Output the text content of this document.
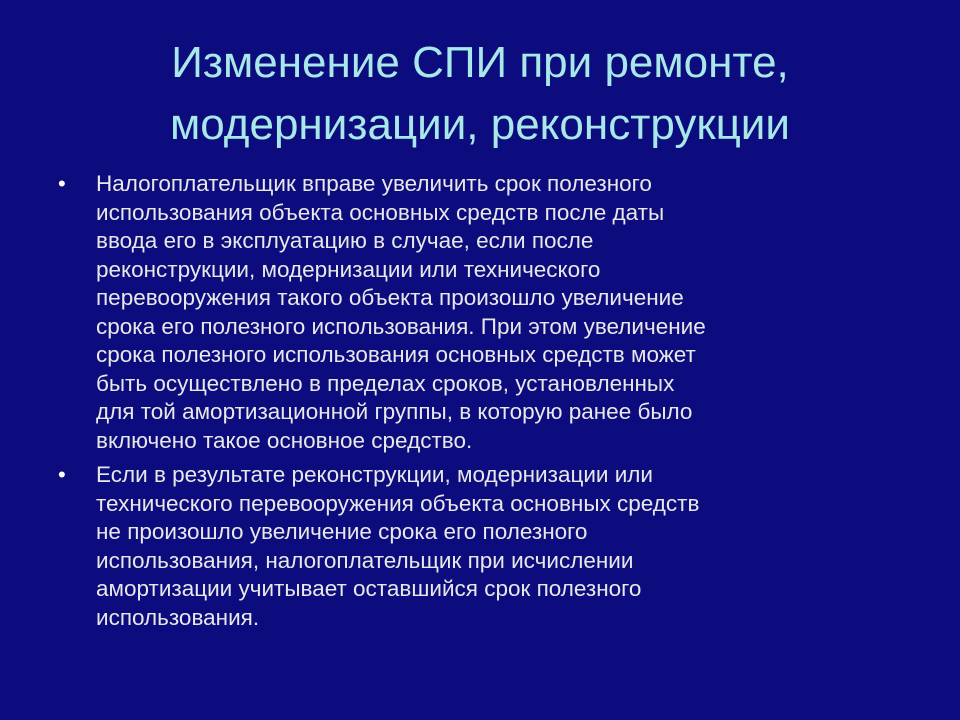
Изменение СПИ при ремонте,
модернизации, реконструкции
• Налогоплательщик вправе увеличить срок полезного
использования объекта основных средств после даты
ввода его в эксплуатацию в случае, если после
реконструкции, модернизации или технического
перевооружения такого объекта произошло увеличение
срока его полезного использования. При этом увеличение
срока полезного использования основных средств может
быть осуществлено в пределах сроков, установленных
для той амортизационной группы, в которую ранее было
включено такое основное средство.
• Если в результате реконструкции, модернизации или
технического перевооружения объекта основных средств
не произошло увеличение срока его полезного
использования, налогоплательщик при исчислении
амортизации учитывает оставшийся срок полезного
использования.
